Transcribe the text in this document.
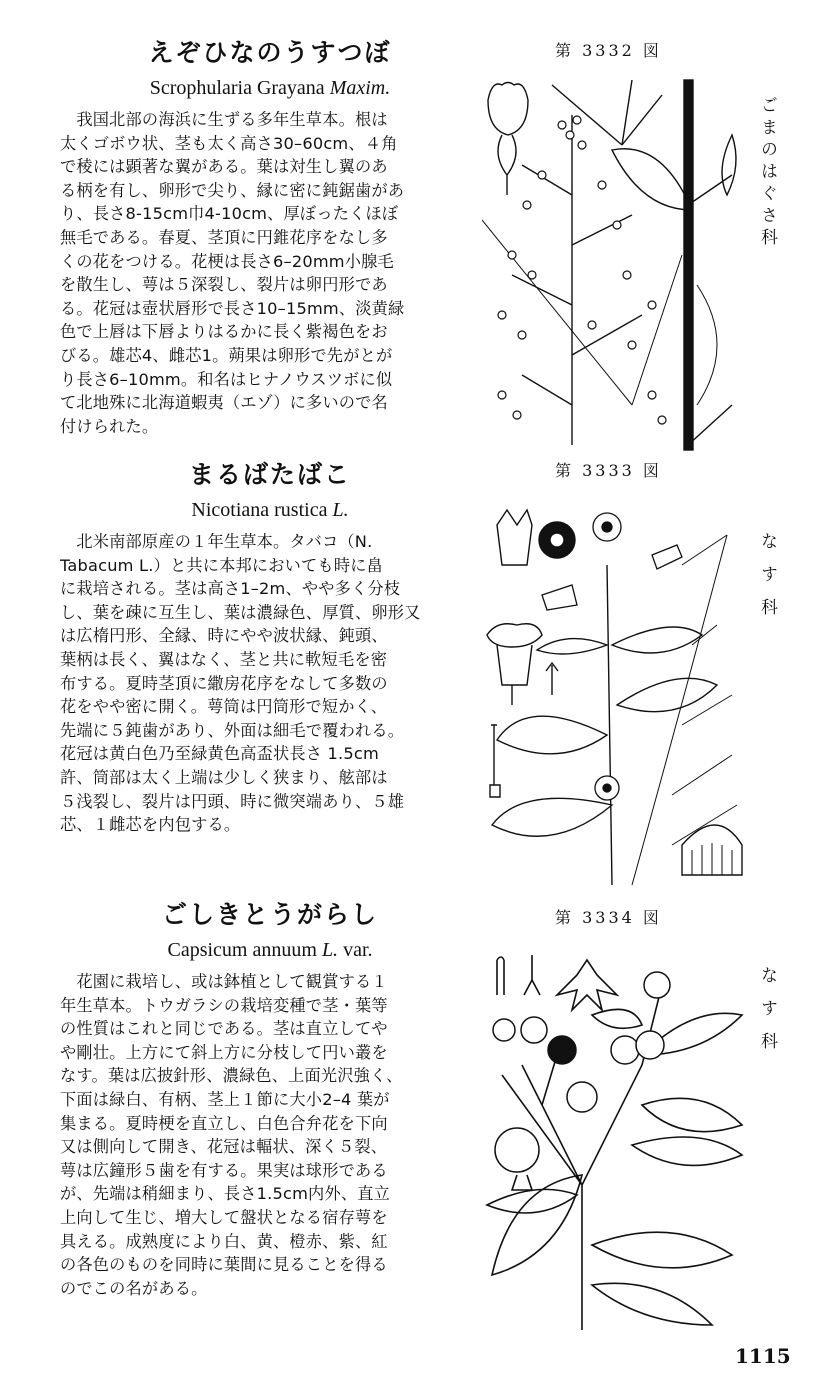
えぞひなのうすつぼ
Scrophularia Grayana Maxim.
　我国北部の海浜に生ずる多年生草本。根は
太くゴボウ状、茎も太く高さ30–60cm、４角
で稜には顕著な翼がある。葉は対生し翼のあ
る柄を有し、卵形で尖り、縁に密に鈍鋸歯があ
り、長さ8-15cm巾4-10cm、厚ぼったくほぼ
無毛である。春夏、茎頂に円錐花序をなし多
くの花をつける。花梗は長さ6–20mm小腺毛
を散生し、萼は５深裂し、裂片は卵円形であ
る。花冠は壺状唇形で長さ10–15mm、淡黄緑
色で上唇は下唇よりはるかに長く紫褐色をお
びる。雄芯4、雌芯1。蒴果は卵形で先がとが
り長さ6–10mm。和名はヒナノウスツボに似
て北地殊に北海道蝦夷（エゾ）に多いので名
付けられた。
第 3332 図
ごまのはぐさ科
まるばたばこ
Nicotiana rustica L.
　北米南部原産の１年生草本。タバコ（N.
Tabacum L.）と共に本邦においても時に畠
に栽培される。茎は高さ1–2m、やや多く分枝
し、葉を疎に互生し、葉は濃緑色、厚質、卵形又
は広楕円形、全縁、時にやや波状縁、鈍頭、
葉柄は長く、翼はなく、茎と共に軟短毛を密
布する。夏時茎頂に繖房花序をなして多数の
花をやや密に開く。萼筒は円筒形で短かく、
先端に５鈍歯があり、外面は細毛で覆われる。
花冠は黄白色乃至緑黄色高盃状長さ 1.5cm
許、筒部は太く上端は少しく狭まり、舷部は
５浅裂し、裂片は円頭、時に微突端あり、５雄
芯、１雌芯を内包する。
第 3333 図
なす科
ごしきとうがらし
Capsicum annuum L. var.
　花園に栽培し、或は鉢植として観賞する１
年生草本。トウガラシの栽培変種で茎・葉等
の性質はこれと同じである。茎は直立してや
や剛壮。上方にて斜上方に分枝して円い叢を
なす。葉は広披針形、濃緑色、上面光沢強く、
下面は緑白、有柄、茎上１節に大小2–4 葉が
集まる。夏時梗を直立し、白色合弁花を下向
又は側向して開き、花冠は輻状、深く５裂、
萼は広鐘形５歯を有する。果実は球形である
が、先端は稍細まり、長さ1.5cm内外、直立
上向して生じ、増大して盤状となる宿存萼を
具える。成熟度により白、黄、橙赤、紫、紅
の各色のものを同時に葉間に見ることを得る
のでこの名がある。
第 3334 図
なす科
1115
